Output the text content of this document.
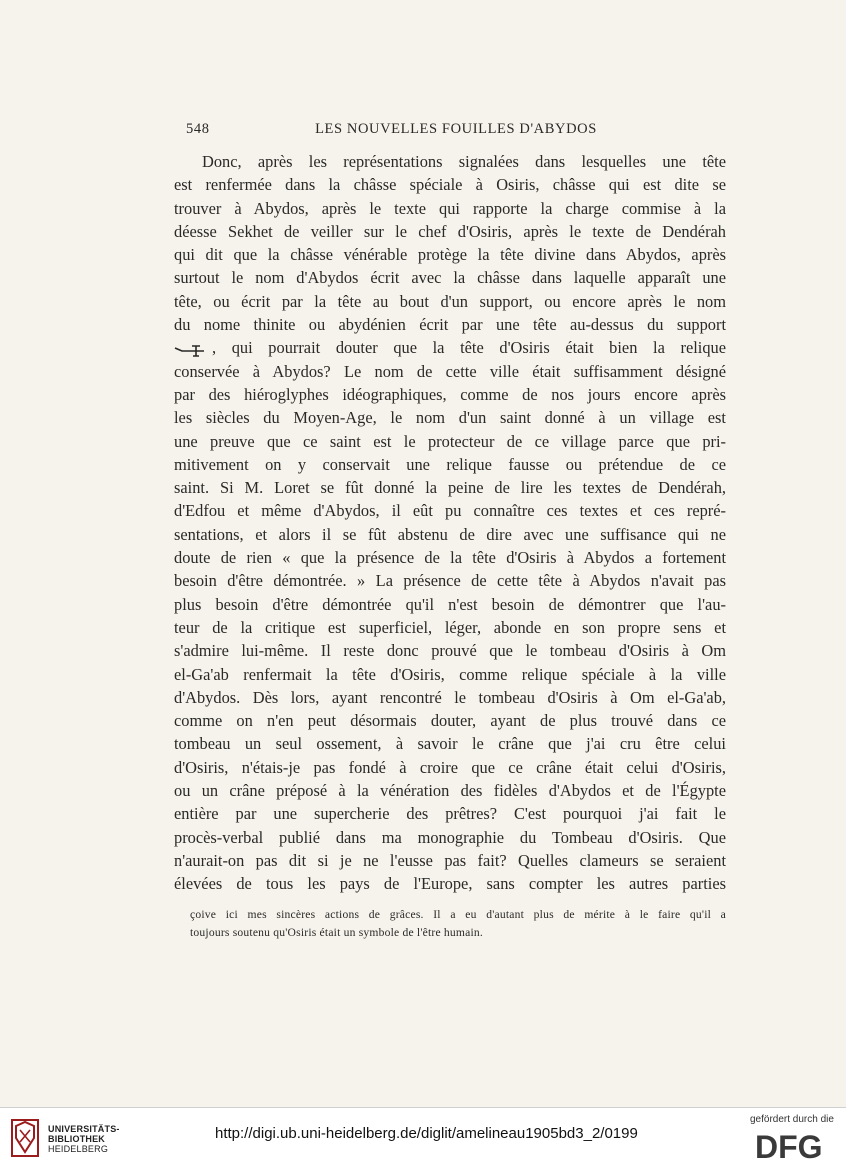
548	LES NOUVELLES FOUILLES D'ABYDOS
Donc, après les représentations signalées dans lesquelles une tête
est renfermée dans la châsse spéciale à Osiris, châsse qui est dite se
trouver à Abydos, après le texte qui rapporte la charge commise à la
déesse Sekhet de veiller sur le chef d'Osiris, après le texte de Dendérah
qui dit que la châsse vénérable protège la tête divine dans Abydos, après
surtout le nom d'Abydos écrit avec la châsse dans laquelle apparaît une
tête, ou écrit par la tête au bout d'un support, ou encore après le nom
du nome thinite ou abydénien écrit par une tête au-dessus du support
, qui pourrait douter que la tête d'Osiris était bien la relique
conservée à Abydos? Le nom de cette ville était suffisamment désigné
par des hiéroglyphes idéographiques, comme de nos jours encore après
les siècles du Moyen-Age, le nom d'un saint donné à un village est
une preuve que ce saint est le protecteur de ce village parce que pri-
mitivement on y conservait une relique fausse ou prétendue de ce
saint. Si M. Loret se fût donné la peine de lire les textes de Dendérah,
d'Edfou et même d'Abydos, il eût pu connaître ces textes et ces repré-
sentations, et alors il se fût abstenu de dire avec une suffisance qui ne
doute de rien « que la présence de la tête d'Osiris à Abydos a fortement
besoin d'être démontrée. » La présence de cette tête à Abydos n'avait pas
plus besoin d'être démontrée qu'il n'est besoin de démontrer que l'au-
teur de la critique est superficiel, léger, abonde en son propre sens et
s'admire lui-même. Il reste donc prouvé que le tombeau d'Osiris à Om
el-Ga'ab renfermait la tête d'Osiris, comme relique spéciale à la ville
d'Abydos. Dès lors, ayant rencontré le tombeau d'Osiris à Om el-Ga'ab,
comme on n'en peut désormais douter, ayant de plus trouvé dans ce
tombeau un seul ossement, à savoir le crâne que j'ai cru être celui
d'Osiris, n'étais-je pas fondé à croire que ce crâne était celui d'Osiris,
ou un crâne préposé à la vénération des fidèles d'Abydos et de l'Égypte
entière par une supercherie des prêtres? C'est pourquoi j'ai fait le
procès-verbal publié dans ma monographie du Tombeau d'Osiris. Que
n'aurait-on pas dit si je ne l'eusse pas fait? Quelles clameurs se seraient
élevées de tous les pays de l'Europe, sans compter les autres parties
çoive ici mes sincères actions de grâces. Il a eu d'autant plus de mérite à le faire qu'il a
toujours soutenu qu'Osiris était un symbole de l'être humain.
UNIVERSITÄTS-
BIBLIOTHEK
HEIDELBERG
http://digi.ub.uni-heidelberg.de/diglit/amelineau1905bd3_2/0199
gefördert durch die
DFG
